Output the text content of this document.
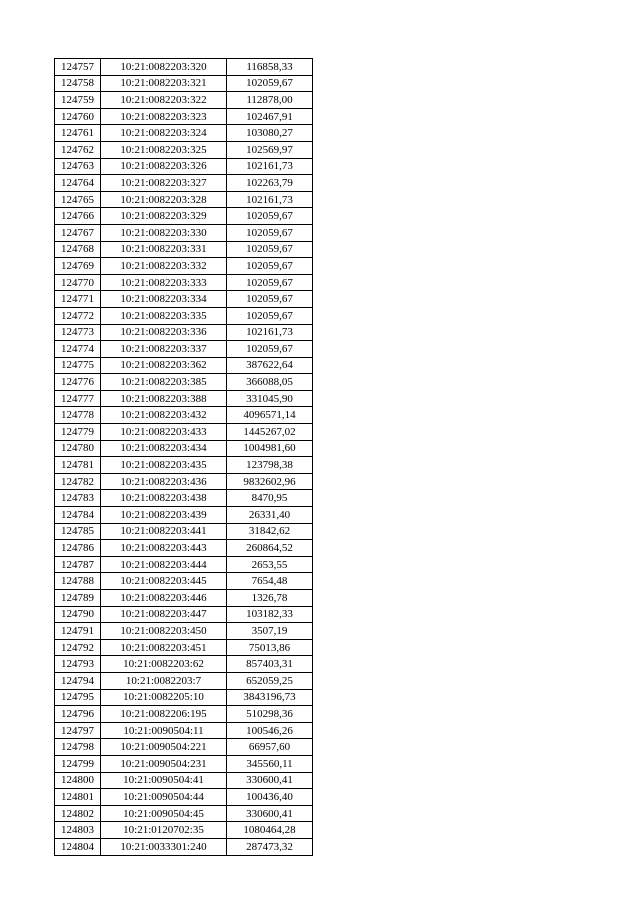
124757	10:21:0082203:320	116858,33
124758	10:21:0082203:321	102059,67
124759	10:21:0082203:322	112878,00
124760	10:21:0082203:323	102467,91
124761	10:21:0082203:324	103080,27
124762	10:21:0082203:325	102569,97
124763	10:21:0082203:326	102161,73
124764	10:21:0082203:327	102263,79
124765	10:21:0082203:328	102161,73
124766	10:21:0082203:329	102059,67
124767	10:21:0082203:330	102059,67
124768	10:21:0082203:331	102059,67
124769	10:21:0082203:332	102059,67
124770	10:21:0082203:333	102059,67
124771	10:21:0082203:334	102059,67
124772	10:21:0082203:335	102059,67
124773	10:21:0082203:336	102161,73
124774	10:21:0082203:337	102059,67
124775	10:21:0082203:362	387622,64
124776	10:21:0082203:385	366088,05
124777	10:21:0082203:388	331045,90
124778	10:21:0082203:432	4096571,14
124779	10:21:0082203:433	1445267,02
124780	10:21:0082203:434	1004981,60
124781	10:21:0082203:435	123798,38
124782	10:21:0082203:436	9832602,96
124783	10:21:0082203:438	8470,95
124784	10:21:0082203:439	26331,40
124785	10:21:0082203:441	31842,62
124786	10:21:0082203:443	260864,52
124787	10:21:0082203:444	2653,55
124788	10:21:0082203:445	7654,48
124789	10:21:0082203:446	1326,78
124790	10:21:0082203:447	103182,33
124791	10:21:0082203:450	3507,19
124792	10:21:0082203:451	75013,86
124793	10:21:0082203:62	857403,31
124794	10:21:0082203:7	652059,25
124795	10:21:0082205:10	3843196,73
124796	10:21:0082206:195	510298,36
124797	10:21:0090504:11	100546,26
124798	10:21:0090504:221	66957,60
124799	10:21:0090504:231	345560,11
124800	10:21:0090504:41	330600,41
124801	10:21:0090504:44	100436,40
124802	10:21:0090504:45	330600,41
124803	10:21:0120702:35	1080464,28
124804	10:21:0033301:240	287473,32
